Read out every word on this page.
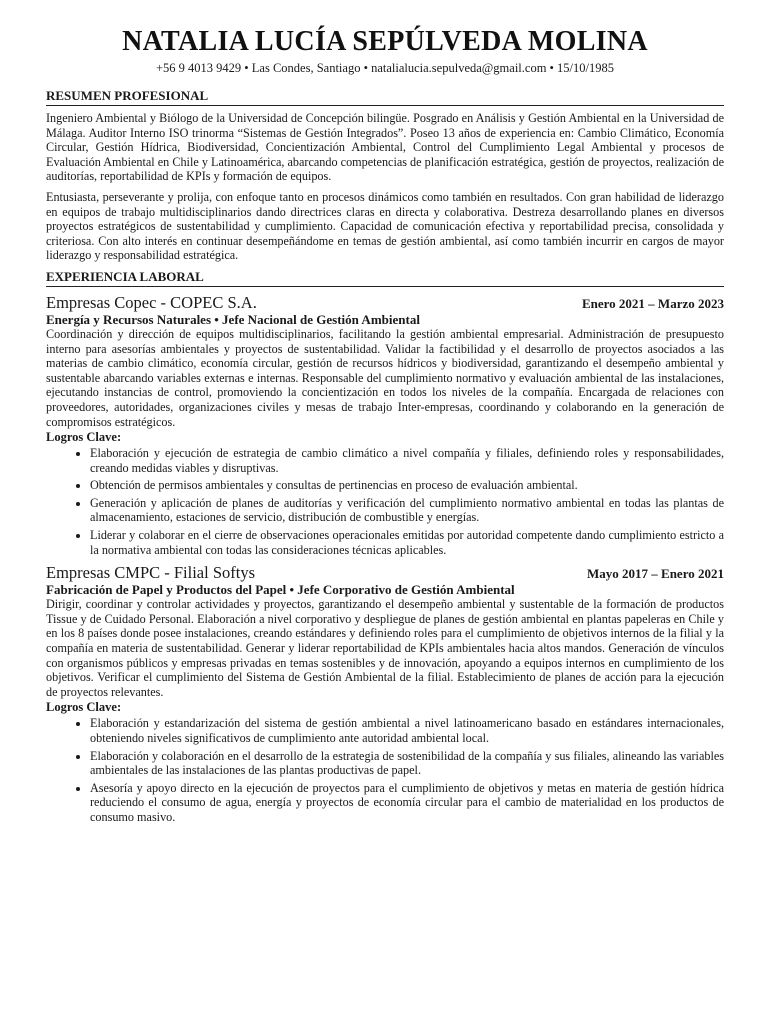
NATALIA LUCÍA SEPÚLVEDA MOLINA
+56 9 4013 9429 • Las Condes, Santiago • natalialucia.sepulveda@gmail.com • 15/10/1985
RESUMEN PROFESIONAL
Ingeniero Ambiental y Biólogo de la Universidad de Concepción bilingüe. Posgrado en Análisis y Gestión Ambiental en la Universidad de Málaga. Auditor Interno ISO trinorma “Sistemas de Gestión Integrados”. Poseo 13 años de experiencia en: Cambio Climático, Economía Circular, Gestión Hídrica, Biodiversidad, Concientización Ambiental, Control del Cumplimiento Legal Ambiental y procesos de Evaluación Ambiental en Chile y Latinoamérica, abarcando competencias de planificación estratégica, gestión de proyectos, realización de auditorías, reportabilidad de KPIs y formación de equipos.
Entusiasta, perseverante y prolija, con enfoque tanto en procesos dinámicos como también en resultados. Con gran habilidad de liderazgo en equipos de trabajo multidisciplinarios dando directrices claras en directa y colaborativa. Destreza desarrollando planes en diversos proyectos estratégicos de sustentabilidad y cumplimiento. Capacidad de comunicación efectiva y reportabilidad precisa, consolidada y criteriosa. Con alto interés en continuar desempeñándome en temas de gestión ambiental, así como también incurrir en cargos de mayor liderazgo y responsabilidad estratégica.
EXPERIENCIA LABORAL
Empresas Copec - COPEC S.A.	Enero 2021 – Marzo 2023
Energía y Recursos Naturales • Jefe Nacional de Gestión Ambiental
Coordinación y dirección de equipos multidisciplinarios, facilitando la gestión ambiental empresarial. Administración de presupuesto interno para asesorías ambientales y proyectos de sustentabilidad. Validar la factibilidad y el desarrollo de proyectos asociados a las materias de cambio climático, economía circular, gestión de recursos hídricos y biodiversidad, garantizando el desempeño ambiental y sustentable abarcando variables externas e internas. Responsable del cumplimiento normativo y evaluación ambiental de las instalaciones, ejecutando instancias de control, promoviendo la concientización en todos los niveles de la compañía. Encargada de relaciones con proveedores, autoridades, organizaciones civiles y mesas de trabajo Inter-empresas, coordinando y colaborando en la generación de compromisos estratégicos.
Logros Clave:
• Elaboración y ejecución de estrategia de cambio climático a nivel compañía y filiales, definiendo roles y responsabilidades, creando medidas viables y disruptivas.
• Obtención de permisos ambientales y consultas de pertinencias en proceso de evaluación ambiental.
• Generación y aplicación de planes de auditorías y verificación del cumplimiento normativo ambiental en todas las plantas de almacenamiento, estaciones de servicio, distribución de combustible y energías.
• Liderar y colaborar en el cierre de observaciones operacionales emitidas por autoridad competente dando cumplimiento estricto a la normativa ambiental con todas las consideraciones técnicas aplicables.
Empresas CMPC - Filial Softys	Mayo 2017 – Enero 2021
Fabricación de Papel y Productos del Papel • Jefe Corporativo de Gestión Ambiental
Dirigir, coordinar y controlar actividades y proyectos, garantizando el desempeño ambiental y sustentable de la formación de productos Tissue y de Cuidado Personal. Elaboración a nivel corporativo y despliegue de planes de gestión ambiental en plantas papeleras en Chile y en los 8 países donde posee instalaciones, creando estándares y definiendo roles para el cumplimiento de objetivos internos de la filial y la compañía en materia de sustentabilidad. Generar y liderar reportabilidad de KPIs ambientales hacia altos mandos. Generación de vínculos con organismos públicos y empresas privadas en temas sostenibles y de innovación, apoyando a equipos internos en cumplimiento de los objetivos. Verificar el cumplimiento del Sistema de Gestión Ambiental de la filial. Establecimiento de planes de acción para la ejecución de proyectos relevantes.
Logros Clave:
• Elaboración y estandarización del sistema de gestión ambiental a nivel latinoamericano basado en estándares internacionales, obteniendo niveles significativos de cumplimiento ante autoridad ambiental local.
• Elaboración y colaboración en el desarrollo de la estrategia de sostenibilidad de la compañía y sus filiales, alineando las variables ambientales de las instalaciones de las plantas productivas de papel.
• Asesoría y apoyo directo en la ejecución de proyectos para el cumplimiento de objetivos y metas en materia de gestión hídrica reduciendo el consumo de agua, energía y proyectos de economía circular para el cambio de materialidad en los productos de consumo masivo.
